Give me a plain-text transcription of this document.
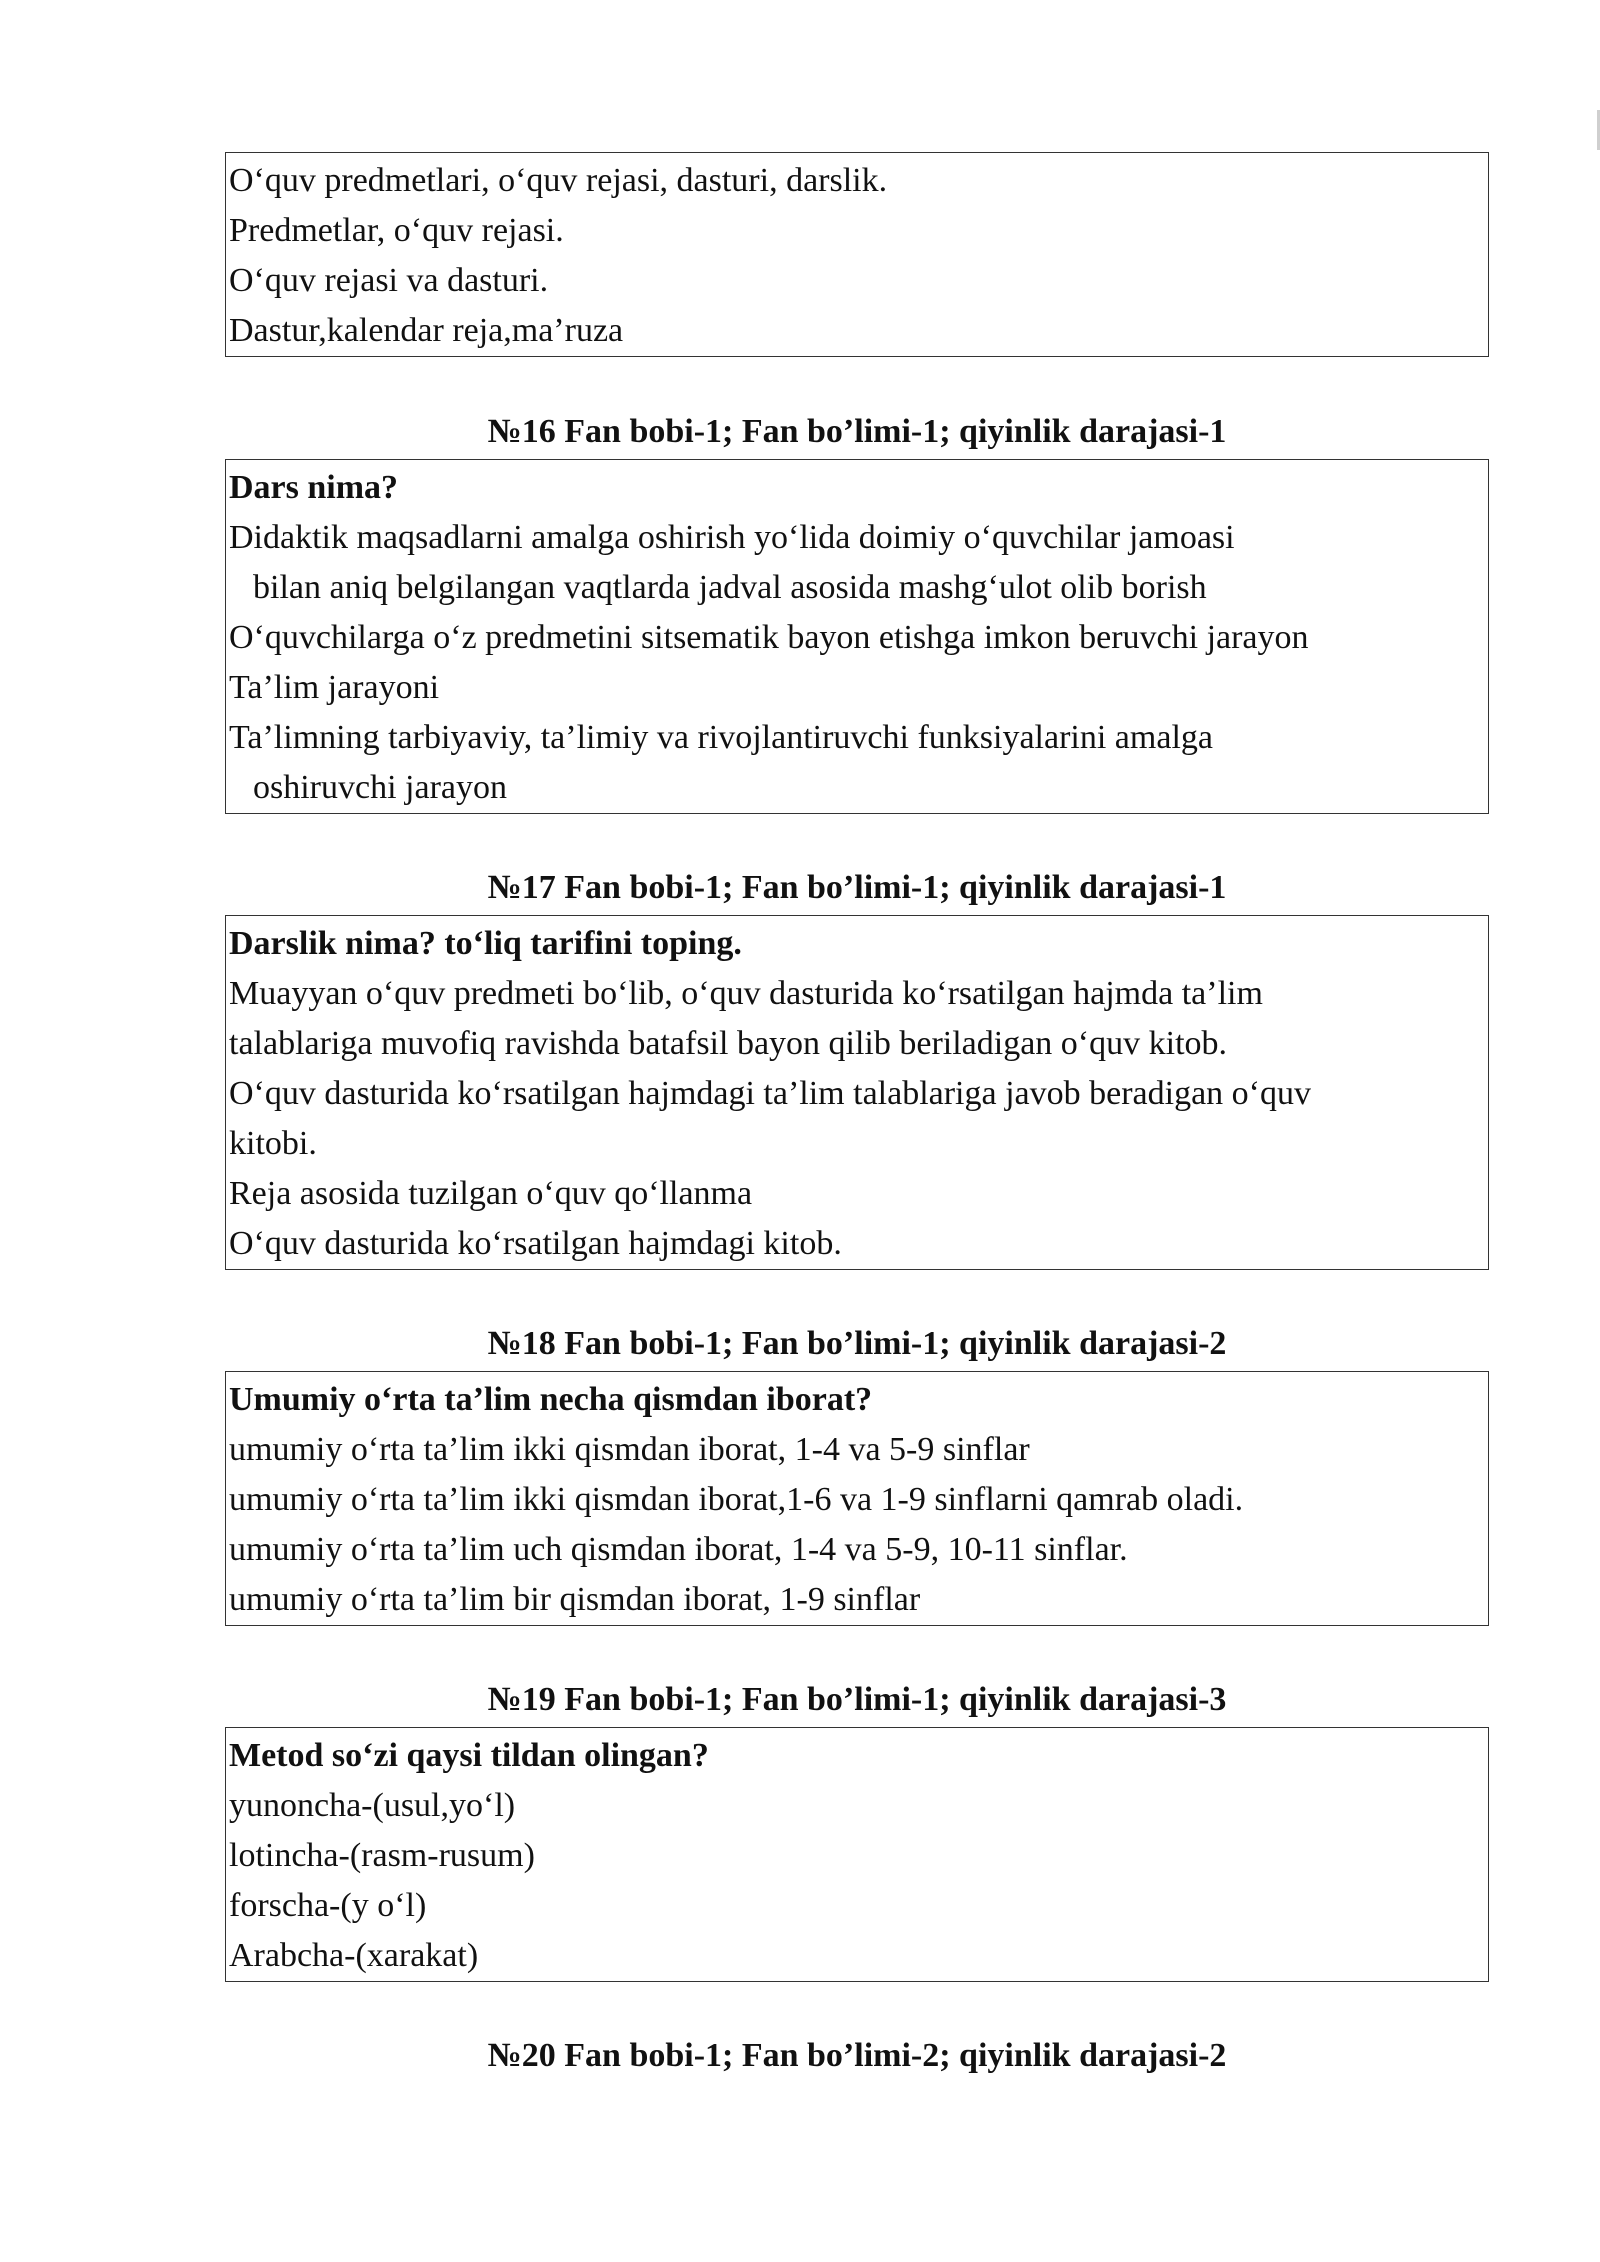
O‘quv predmetlari, o‘quv rejasi, dasturi, darslik.
Predmetlar, o‘quv rejasi.
O‘quv rejasi va dasturi.
Dastur,kalendar reja,ma’ruza
№16 Fan bobi-1; Fan bo’limi-1; qiyinlik darajasi-1
Dars nima?
Didaktik maqsadlarni amalga oshirish yo‘lida doimiy o‘quvchilar jamoasi
bilan aniq belgilangan vaqtlarda jadval asosida mashg‘ulot olib borish
O‘quvchilarga o‘z predmetini sitsematik bayon etishga imkon beruvchi jarayon
Ta’lim jarayoni
Ta’limning tarbiyaviy, ta’limiy va rivojlantiruvchi funksiyalarini amalga
oshiruvchi jarayon
№17 Fan bobi-1; Fan bo’limi-1; qiyinlik darajasi-1
Darslik nima? to‘liq tarifini toping.
Muayyan o‘quv predmeti bo‘lib, o‘quv dasturida ko‘rsatilgan hajmda ta’lim
talablariga muvofiq ravishda batafsil bayon qilib beriladigan o‘quv kitob.
O‘quv dasturida ko‘rsatilgan hajmdagi ta’lim talablariga javob beradigan o‘quv
kitobi.
Reja asosida tuzilgan o‘quv qo‘llanma
O‘quv dasturida ko‘rsatilgan hajmdagi kitob.
№18 Fan bobi-1; Fan bo’limi-1; qiyinlik darajasi-2
Umumiy o‘rta ta’lim necha qismdan iborat?
umumiy o‘rta ta’lim ikki qismdan iborat, 1-4 va 5-9 sinflar
umumiy o‘rta ta’lim ikki qismdan iborat,1-6 va 1-9 sinflarni qamrab oladi.
umumiy o‘rta ta’lim uch qismdan iborat, 1-4 va 5-9, 10-11 sinflar.
umumiy o‘rta ta’lim bir qismdan iborat, 1-9 sinflar
№19 Fan bobi-1; Fan bo’limi-1; qiyinlik darajasi-3
Metod so‘zi qaysi tildan olingan?
yunoncha-(usul,yo‘l)
lotincha-(rasm-rusum)
forscha-(y o‘l)
Arabcha-(xarakat)
№20 Fan bobi-1; Fan bo’limi-2; qiyinlik darajasi-2
